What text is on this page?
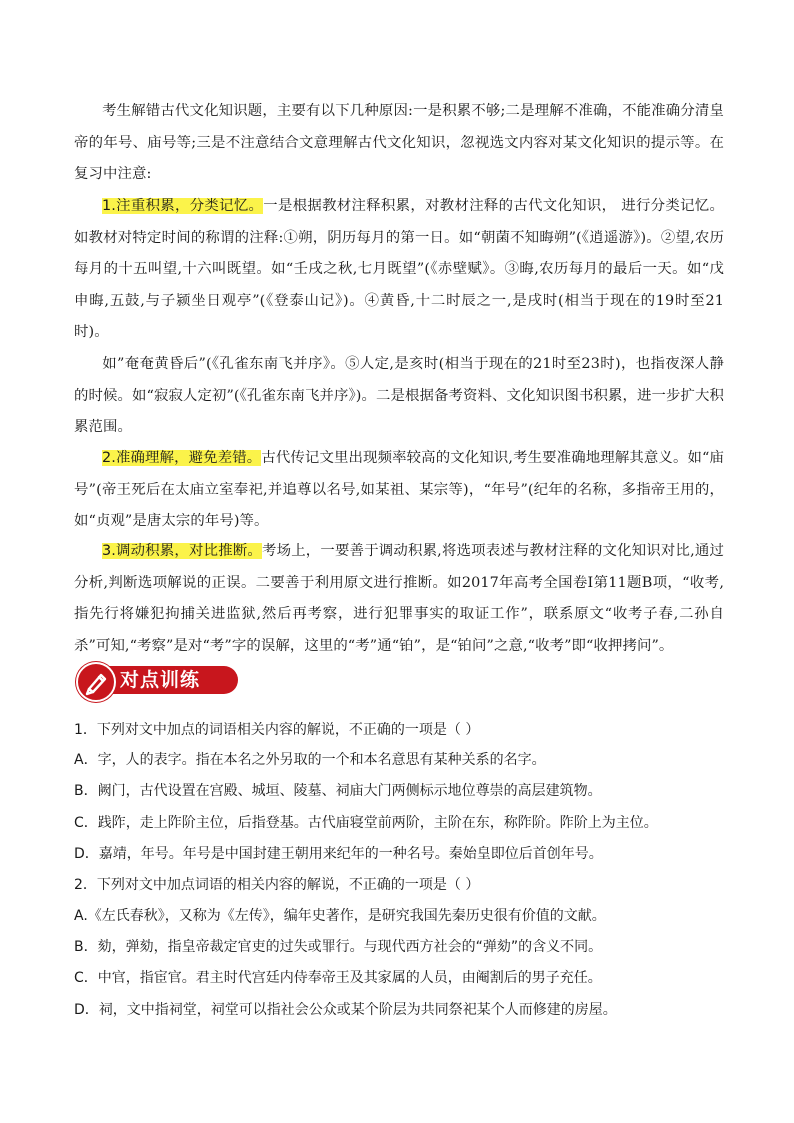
考生解错古代文化知识题，主要有以下几种原因:一是积累不够;二是理解不准确，不能准确分清皇帝的年号、庙号等;三是不注意结合文意理解古代文化知识，忽视选文内容对某文化知识的提示等。在复习中注意:
1.注重积累，分类记忆。一是根据教材注释积累，对教材注释的古代文化知识， 进行分类记忆。如教材对特定时间的称谓的注释:①朔，阴历每月的第一日。如“朝菌不知晦朔”(《逍遥游》)。②望,农历每月的十五叫望,十六叫既望。如“壬戌之秋,七月既望”(《赤壁赋》。③晦,农历每月的最后一天。如“戊申晦,五鼓,与子颍坐日观亭”(《登泰山记》)。④黄昏,十二时辰之一,是戌时(相当于现在的19时至21时)。
如”奄奄黄昏后”(《孔雀东南飞并序》。⑤人定,是亥时(相当于现在的21时至23时)，也指夜深人静的时候。如“寂寂人定初”(《孔雀东南飞并序》)。二是根据备考资料、文化知识图书积累，进一步扩大积累范围。
2.准确理解，避免差错。古代传记文里出现频率较高的文化知识,考生要准确地理解其意义。如“庙号”(帝王死后在太庙立室奉祀,并追尊以名号,如某祖、某宗等)，“年号”(纪年的名称，多指帝王用的，如“贞观”是唐太宗的年号)等。
3.调动积累，对比推断。考场上，一要善于调动积累,将选项表述与教材注释的文化知识对比,通过分析,判断选项解说的正误。二要善于利用原文进行推断。如2017年高考全国卷Ⅰ第11题B项，“收考,指先行将嫌犯拘捕关进监狱,然后再考察，进行犯罪事实的取证工作”，联系原文“收考子春,二孙自杀”可知,“考察”是对“考”字的误解，这里的“考”通“铂”，是“铂问”之意,“收考”即“收押拷问”。
对点训练
1．下列对文中加点的词语相关内容的解说，不正确的一项是（ ）
A．字，人的表字。指在本名之外另取的一个和本名意思有某种关系的名字。
B．阙门，古代设置在宫殿、城垣、陵墓、祠庙大门两侧标示地位尊崇的高层建筑物。
C．践阼，走上阼阶主位，后指登基。古代庙寝堂前两阶，主阶在东，称阼阶。阼阶上为主位。
D．嘉靖，年号。年号是中国封建王朝用来纪年的一种名号。秦始皇即位后首创年号。
2．下列对文中加点词语的相关内容的解说，不正确的一项是（ ）
A.《左氏春秋》，又称为《左传》，编年史著作，是研究我国先秦历史很有价值的文献。
B．劾，弹劾，指皇帝裁定官吏的过失或罪行。与现代西方社会的“弹劾”的含义不同。
C．中官，指宦官。君主时代宫廷内侍奉帝王及其家属的人员，由阉割后的男子充任。
D．祠，文中指祠堂，祠堂可以指社会公众或某个阶层为共同祭祀某个人而修建的房屋。
